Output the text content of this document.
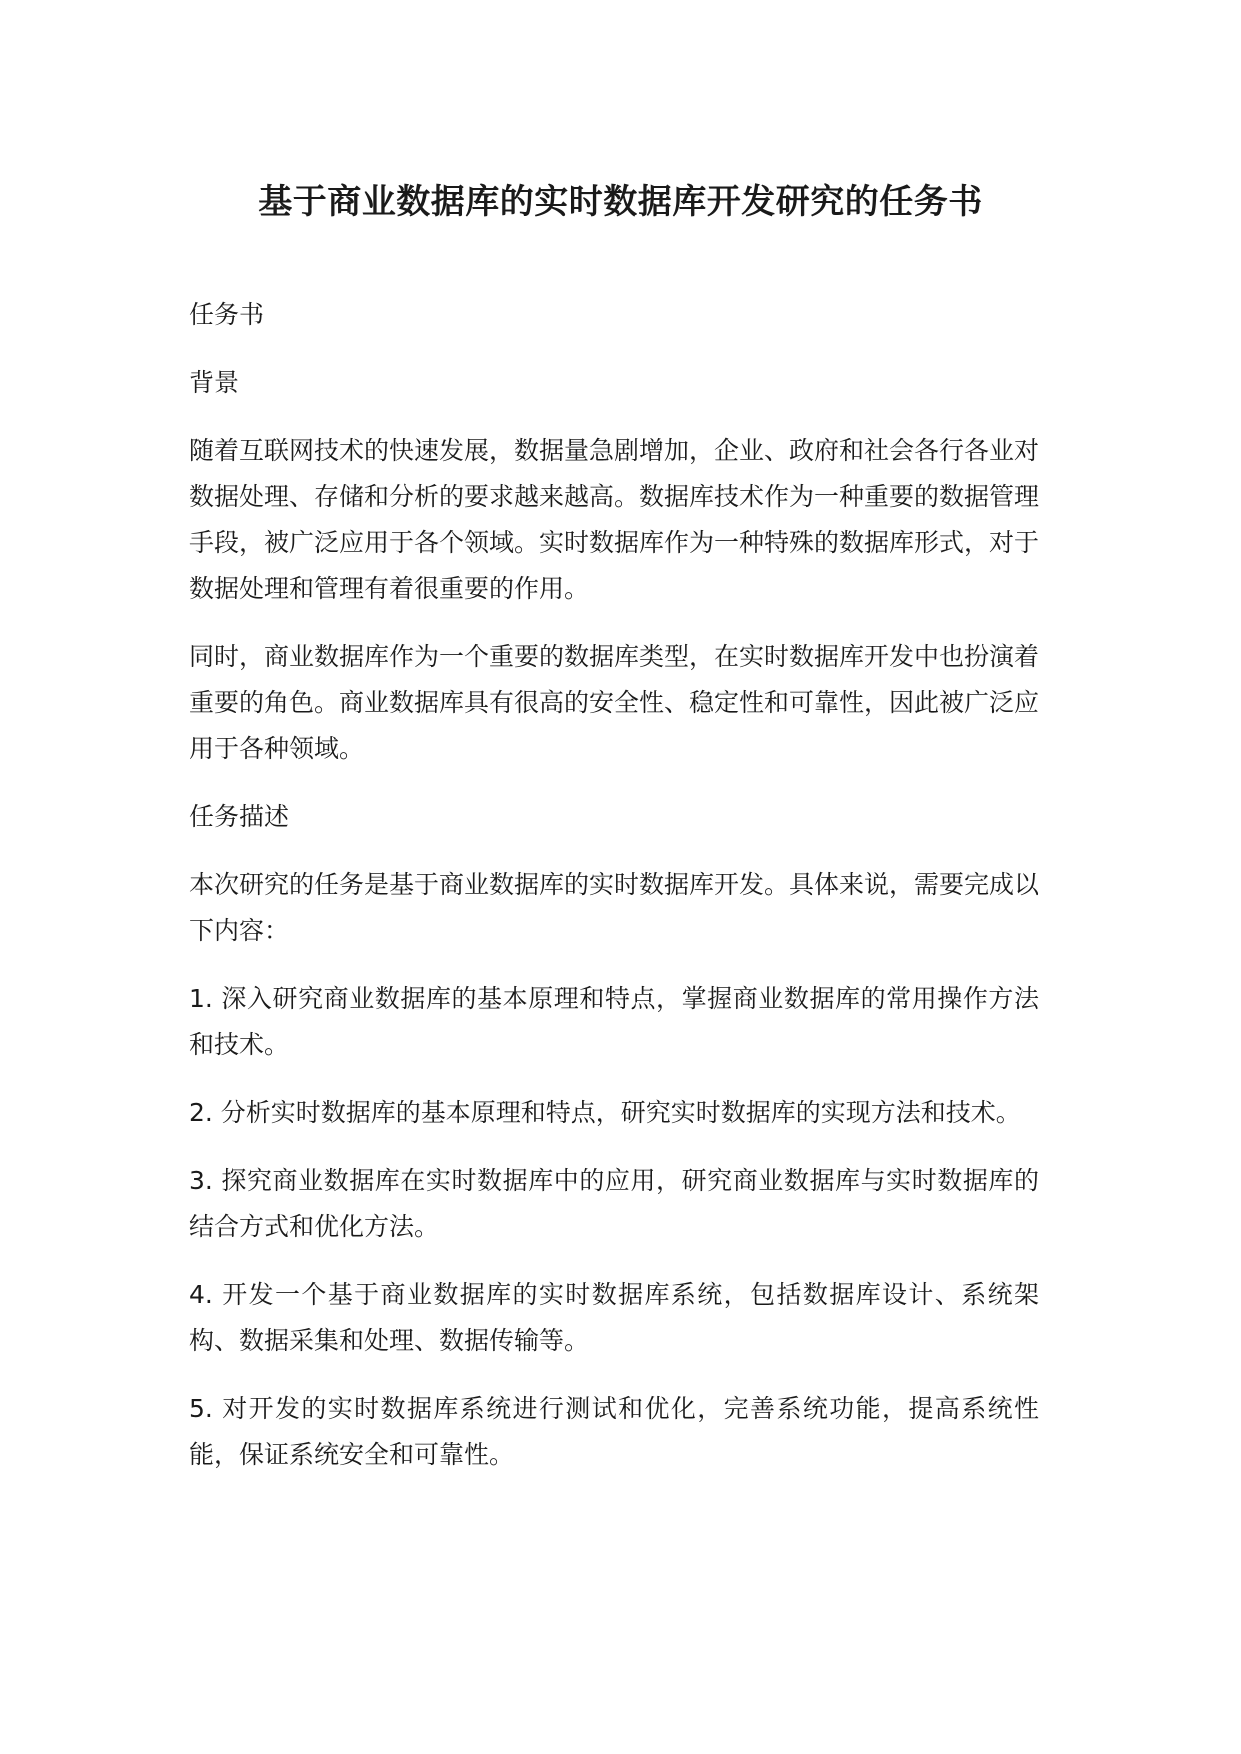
基于商业数据库的实时数据库开发研究的任务书

任务书

背景

随着互联网技术的快速发展，数据量急剧增加，企业、政府和社会各行各业对数据处理、存储和分析的要求越来越高。数据库技术作为一种重要的数据管理手段，被广泛应用于各个领域。实时数据库作为一种特殊的数据库形式，对于数据处理和管理有着很重要的作用。

同时，商业数据库作为一个重要的数据库类型，在实时数据库开发中也扮演着重要的角色。商业数据库具有很高的安全性、稳定性和可靠性，因此被广泛应用于各种领域。

任务描述

本次研究的任务是基于商业数据库的实时数据库开发。具体来说，需要完成以下内容：

1. 深入研究商业数据库的基本原理和特点，掌握商业数据库的常用操作方法和技术。

2. 分析实时数据库的基本原理和特点，研究实时数据库的实现方法和技术。

3. 探究商业数据库在实时数据库中的应用，研究商业数据库与实时数据库的结合方式和优化方法。

4. 开发一个基于商业数据库的实时数据库系统，包括数据库设计、系统架构、数据采集和处理、数据传输等。

5. 对开发的实时数据库系统进行测试和优化，完善系统功能，提高系统性能，保证系统安全和可靠性。
